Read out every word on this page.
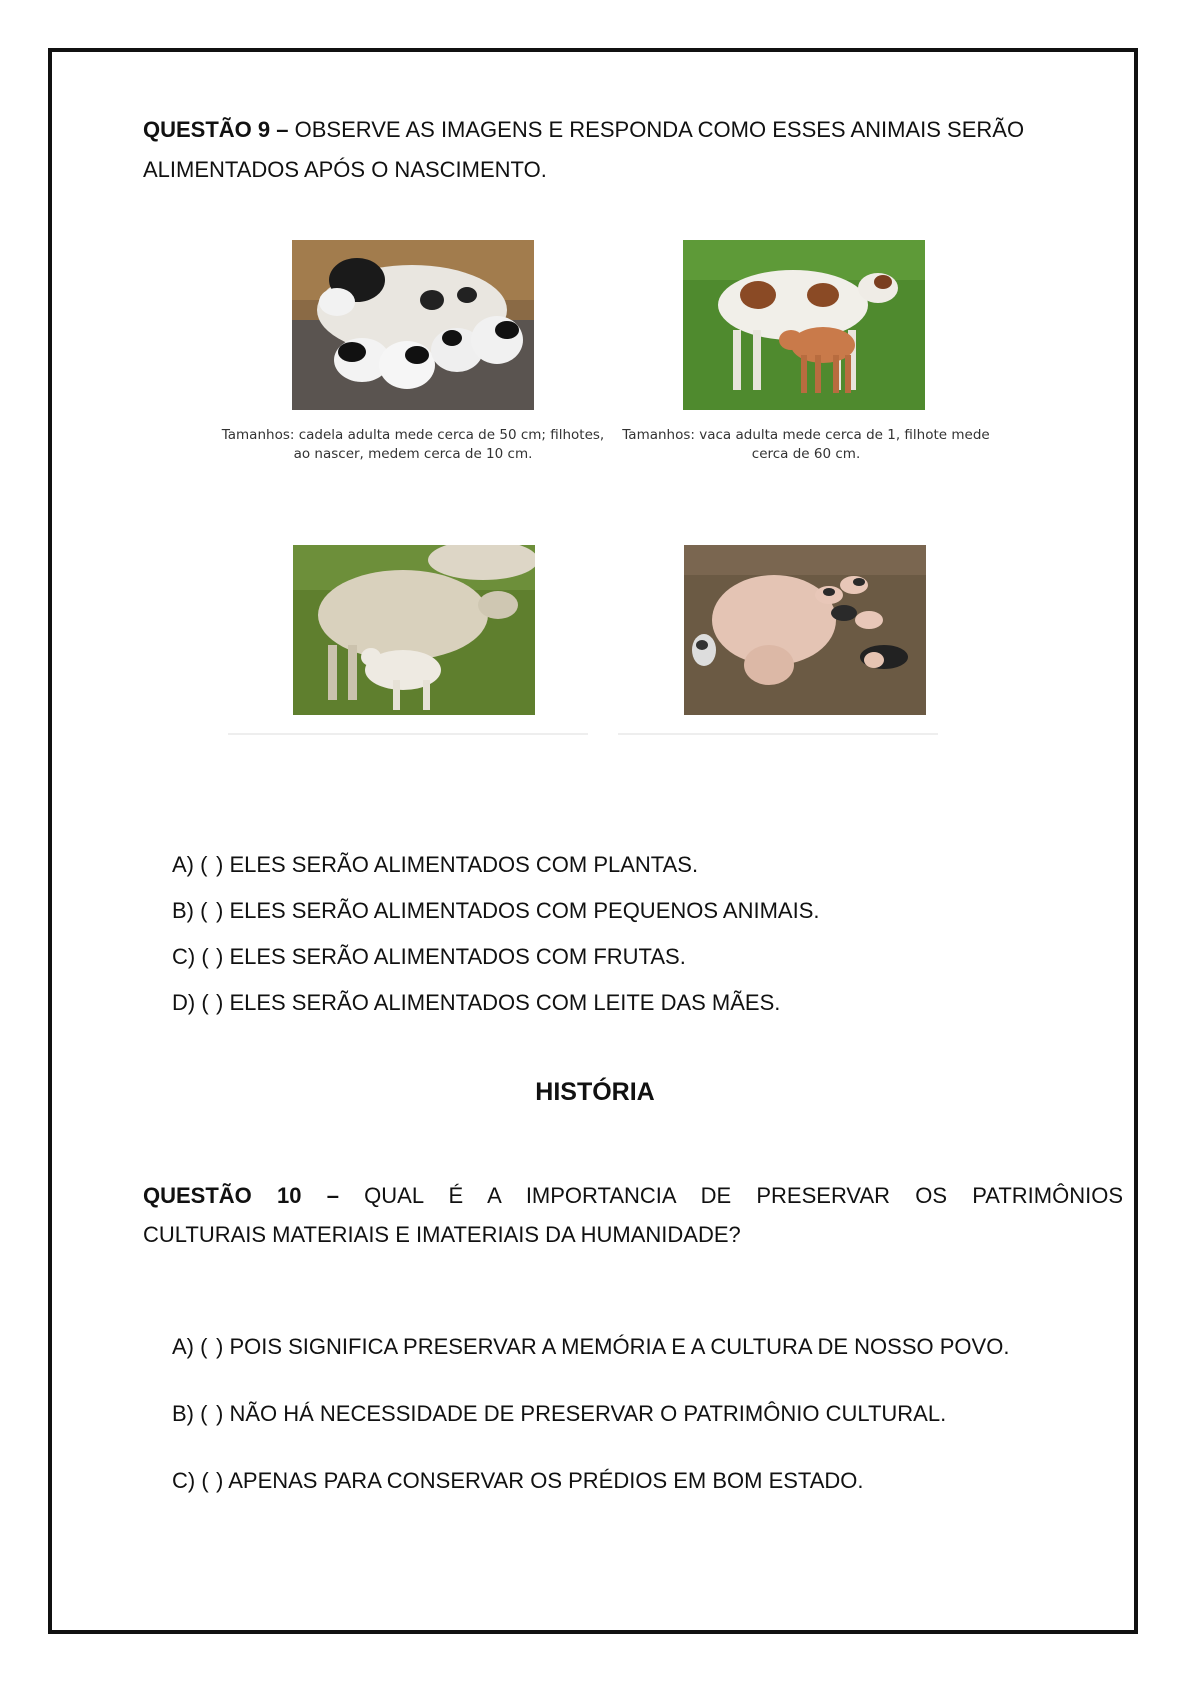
QUESTÃO 9 – OBSERVE AS IMAGENS E RESPONDA COMO ESSES ANIMAIS SERÃO ALIMENTADOS APÓS O NASCIMENTO.
Tamanhos: cadela adulta mede cerca de 50 cm; filhotes, ao nascer, medem cerca de 10 cm.
Tamanhos: vaca adulta mede cerca de 1, filhote mede cerca de 60 cm.
A) ( ) ELES SERÃO ALIMENTADOS COM PLANTAS.
B) ( ) ELES SERÃO ALIMENTADOS COM PEQUENOS ANIMAIS.
C) ( ) ELES SERÃO ALIMENTADOS COM FRUTAS.
D) ( ) ELES SERÃO ALIMENTADOS COM LEITE DAS MÃES.
HISTÓRIA
QUESTÃO 10 – QUAL É A IMPORTANCIA DE PRESERVAR OS PATRIMÔNIOS
CULTURAIS MATERIAIS E IMATERIAIS DA HUMANIDADE?
A) ( ) POIS SIGNIFICA PRESERVAR A MEMÓRIA E A CULTURA DE NOSSO POVO.
B) ( ) NÃO HÁ NECESSIDADE DE PRESERVAR O PATRIMÔNIO CULTURAL.
C) ( ) APENAS PARA CONSERVAR OS PRÉDIOS EM BOM ESTADO.
